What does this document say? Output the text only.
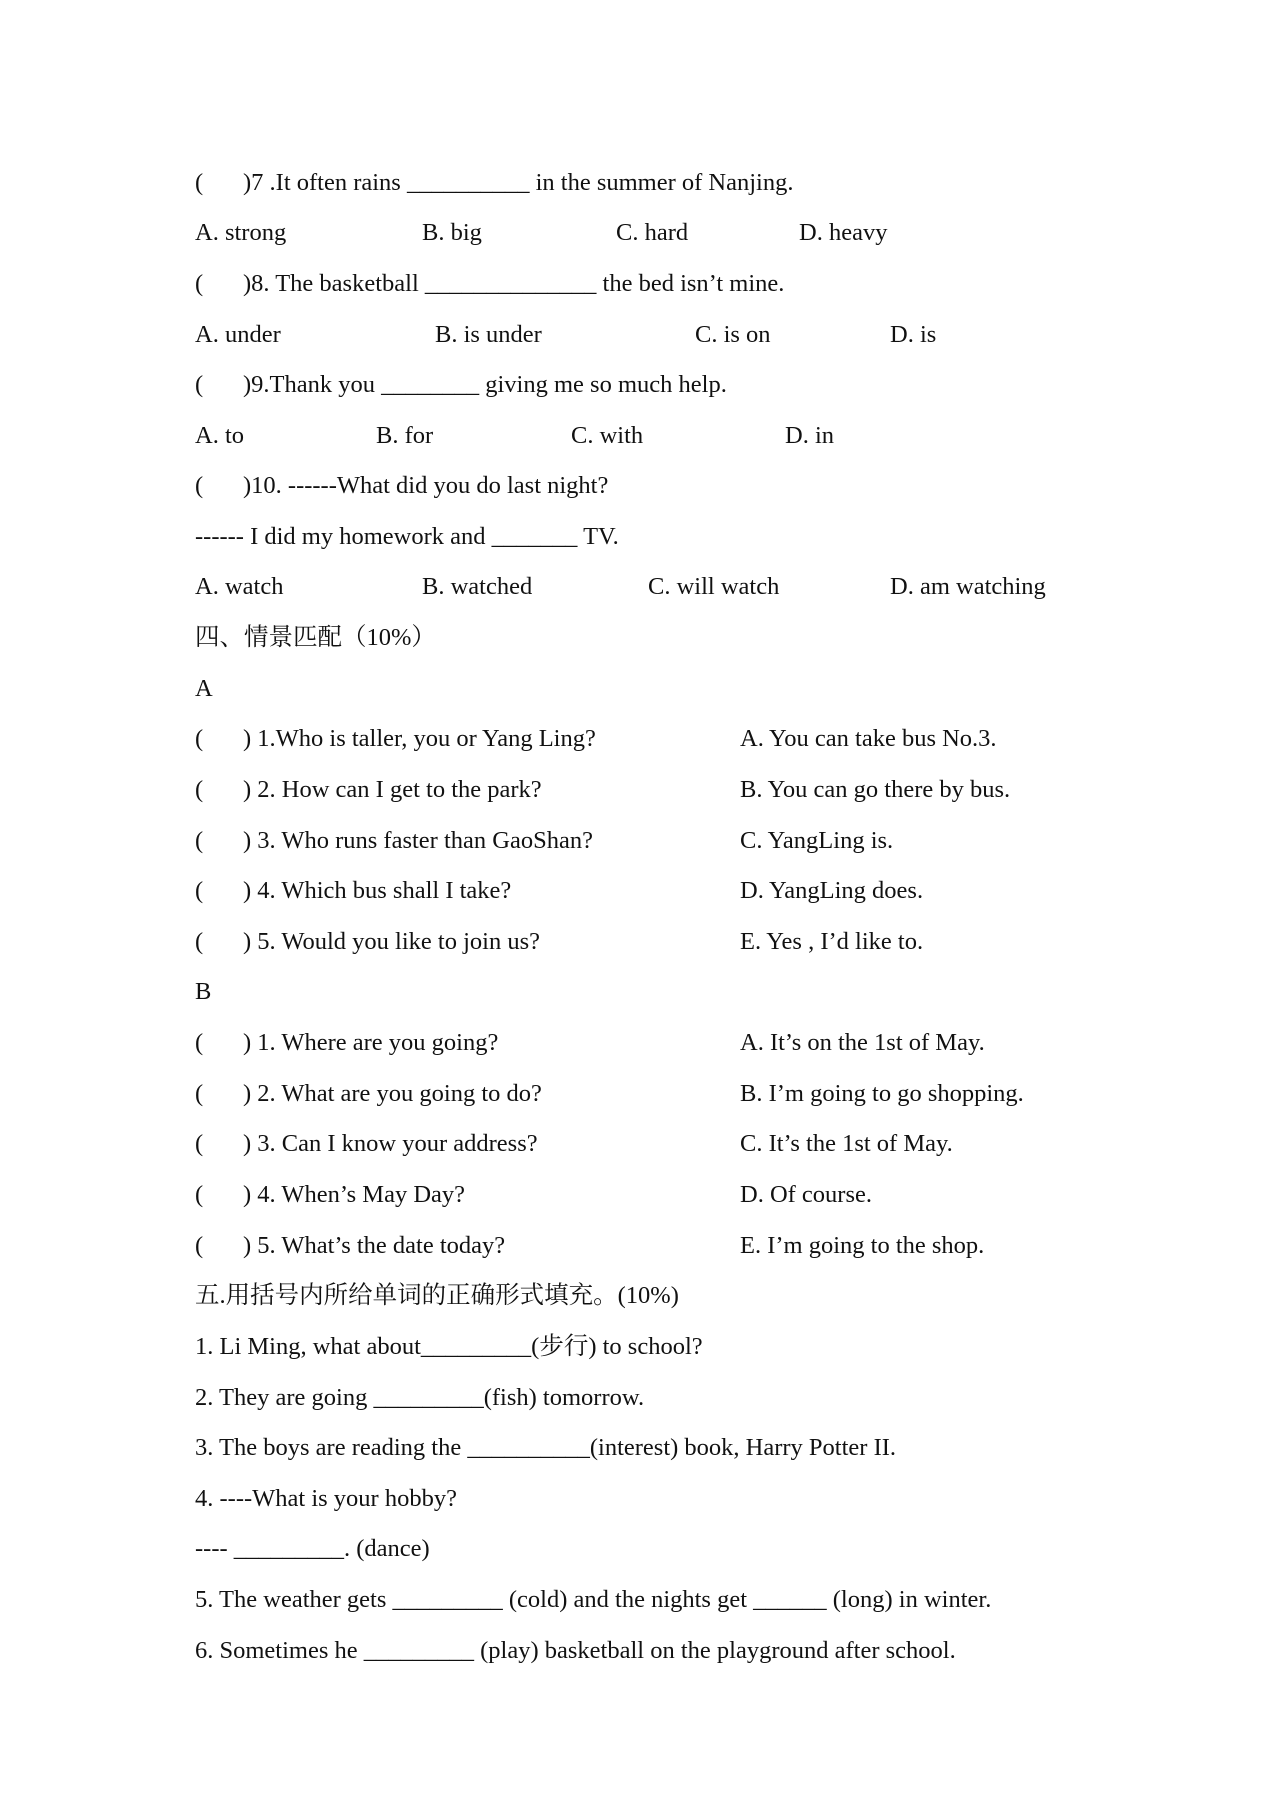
( )7 .It often rains __________ in the summer of Nanjing.
A. strong	B. big	C. hard	D. heavy
( )8. The basketball ______________ the bed isn’t mine.
A. under	B. is under	C. is on	D. is
( )9.Thank you ________ giving me so much help.
A. to	B. for	C. with	D. in
( )10. ------What did you do last night?
------ I did my homework and _______ TV.
A. watch	B. watched	C. will watch	D. am watching
四、情景匹配（10%）
A
( ) 1.Who is taller, you or Yang Ling?	A. You can take bus No.3.
( ) 2. How can I get to the park?	B. You can go there by bus.
( ) 3. Who runs faster than GaoShan?	C. YangLing is.
( ) 4. Which bus shall I take?	D. YangLing does.
( ) 5. Would you like to join us?	E. Yes , I’d like to.
B
( ) 1. Where are you going?	A. It’s on the 1st of May.
( ) 2. What are you going to do?	B. I’m going to go shopping.
( ) 3. Can I know your address?	C. It’s the 1st of May.
( ) 4. When’s May Day?	D. Of course.
( ) 5. What’s the date today?	E. I’m going to the shop.
五.用括号内所给单词的正确形式填充。(10%)
1. Li Ming, what about_________(步行) to school?
2. They are going _________(fish) tomorrow.
3. The boys are reading the __________(interest) book, Harry Potter II.
4. ----What is your hobby?
---- _________. (dance)
5. The weather gets _________ (cold) and the nights get ______ (long) in winter.
6. Sometimes he _________ (play) basketball on the playground after school.
